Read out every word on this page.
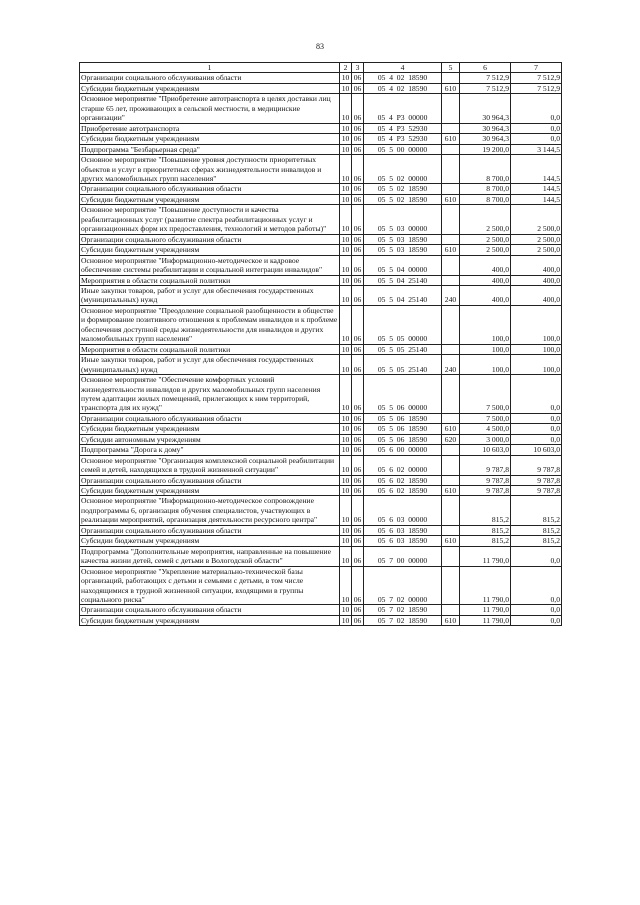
83
1	2	3	4	5	6	7
Организации социального обслуживания области	10	06	05  4  02  18590		7 512,9	7 512,9
Субсидии бюджетным учреждениям	10	06	05  4  02  18590	610	7 512,9	7 512,9
Основное мероприятие "Приобретение автотранспорта в целях доставки лиц старше 65 лет, проживающих в сельской местности, в медицинские организации"	10	06	05  4  P3  00000		30 964,3	0,0
Приобретение автотранспорта	10	06	05  4  P3  52930		30 964,3	0,0
Субсидии бюджетным учреждениям	10	06	05  4  P3  52930	610	30 964,3	0,0
Подпрограмма "Безбарьерная среда"	10	06	05  5  00  00000		19 200,0	3 144,5
Основное мероприятие "Повышение уровня доступности приоритетных объектов и услуг в приоритетных сферах жизнедеятельности инвалидов и других маломобильных групп населения"	10	06	05  5  02  00000		8 700,0	144,5
Организации социального обслуживания области	10	06	05  5  02  18590		8 700,0	144,5
Субсидии бюджетным учреждениям	10	06	05  5  02  18590	610	8 700,0	144,5
Основное мероприятие "Повышение доступности и качества реабилитационных услуг (развитие спектра реабилитационных услуг и организационных форм их предоставления, технологий и методов работы)"	10	06	05  5  03  00000		2 500,0	2 500,0
Организации социального обслуживания области	10	06	05  5  03  18590		2 500,0	2 500,0
Субсидии бюджетным учреждениям	10	06	05  5  03  18590	610	2 500,0	2 500,0
Основное мероприятие "Информационно-методическое и кадровое обеспечение системы реабилитации и социальной интеграции инвалидов"	10	06	05  5  04  00000		400,0	400,0
Мероприятия в области социальной политики	10	06	05  5  04  25140		400,0	400,0
Иные закупки товаров, работ и услуг для обеспечения государственных (муниципальных) нужд	10	06	05  5  04  25140	240	400,0	400,0
Основное мероприятие "Преодоление социальной разобщенности в обществе и формирование позитивного отношения к проблемам инвалидов и к проблеме обеспечения доступной среды жизнедеятельности для инвалидов и других маломобильных групп населения"	10	06	05  5  05  00000		100,0	100,0
Мероприятия в области социальной политики	10	06	05  5  05  25140		100,0	100,0
Иные закупки товаров, работ и услуг для обеспечения государственных (муниципальных) нужд	10	06	05  5  05  25140	240	100,0	100,0
Основное мероприятие "Обеспечение комфортных условий жизнедеятельности инвалидов и других маломобильных групп населения путем адаптации жилых помещений, прилегающих к ним территорий, транспорта для их нужд"	10	06	05  5  06  00000		7 500,0	0,0
Организации социального обслуживания области	10	06	05  5  06  18590		7 500,0	0,0
Субсидии бюджетным учреждениям	10	06	05  5  06  18590	610	4 500,0	0,0
Субсидии автономным учреждениям	10	06	05  5  06  18590	620	3 000,0	0,0
Подпрограмма "Дорога к дому"	10	06	05  6  00  00000		10 603,0	10 603,0
Основное мероприятие "Организация комплексной социальной реабилитации семей и детей, находящихся в трудной жизненной ситуации"	10	06	05  6  02  00000		9 787,8	9 787,8
Организации социального обслуживания области	10	06	05  6  02  18590		9 787,8	9 787,8
Субсидии бюджетным учреждениям	10	06	05  6  02  18590	610	9 787,8	9 787,8
Основное мероприятие "Информационно-методическое сопровождение подпрограммы 6, организация обучения специалистов, участвующих в реализации мероприятий, организация деятельности ресурсного центра"	10	06	05  6  03  00000		815,2	815,2
Организации социального обслуживания области	10	06	05  6  03  18590		815,2	815,2
Субсидии бюджетным учреждениям	10	06	05  6  03  18590	610	815,2	815,2
Подпрограмма "Дополнительные мероприятия, направленные на повышение качества жизни детей, семей с детьми в Вологодской области"	10	06	05  7  00  00000		11 790,0	0,0
Основное мероприятие "Укрепление материально-технической базы организаций, работающих с детьми и семьями с детьми, в том числе находящимися в трудной жизненной ситуации, входящими в группы социального риска"	10	06	05  7  02  00000		11 790,0	0,0
Организации социального обслуживания области	10	06	05  7  02  18590		11 790,0	0,0
Субсидии бюджетным учреждениям	10	06	05  7  02  18590	610	11 790,0	0,0
